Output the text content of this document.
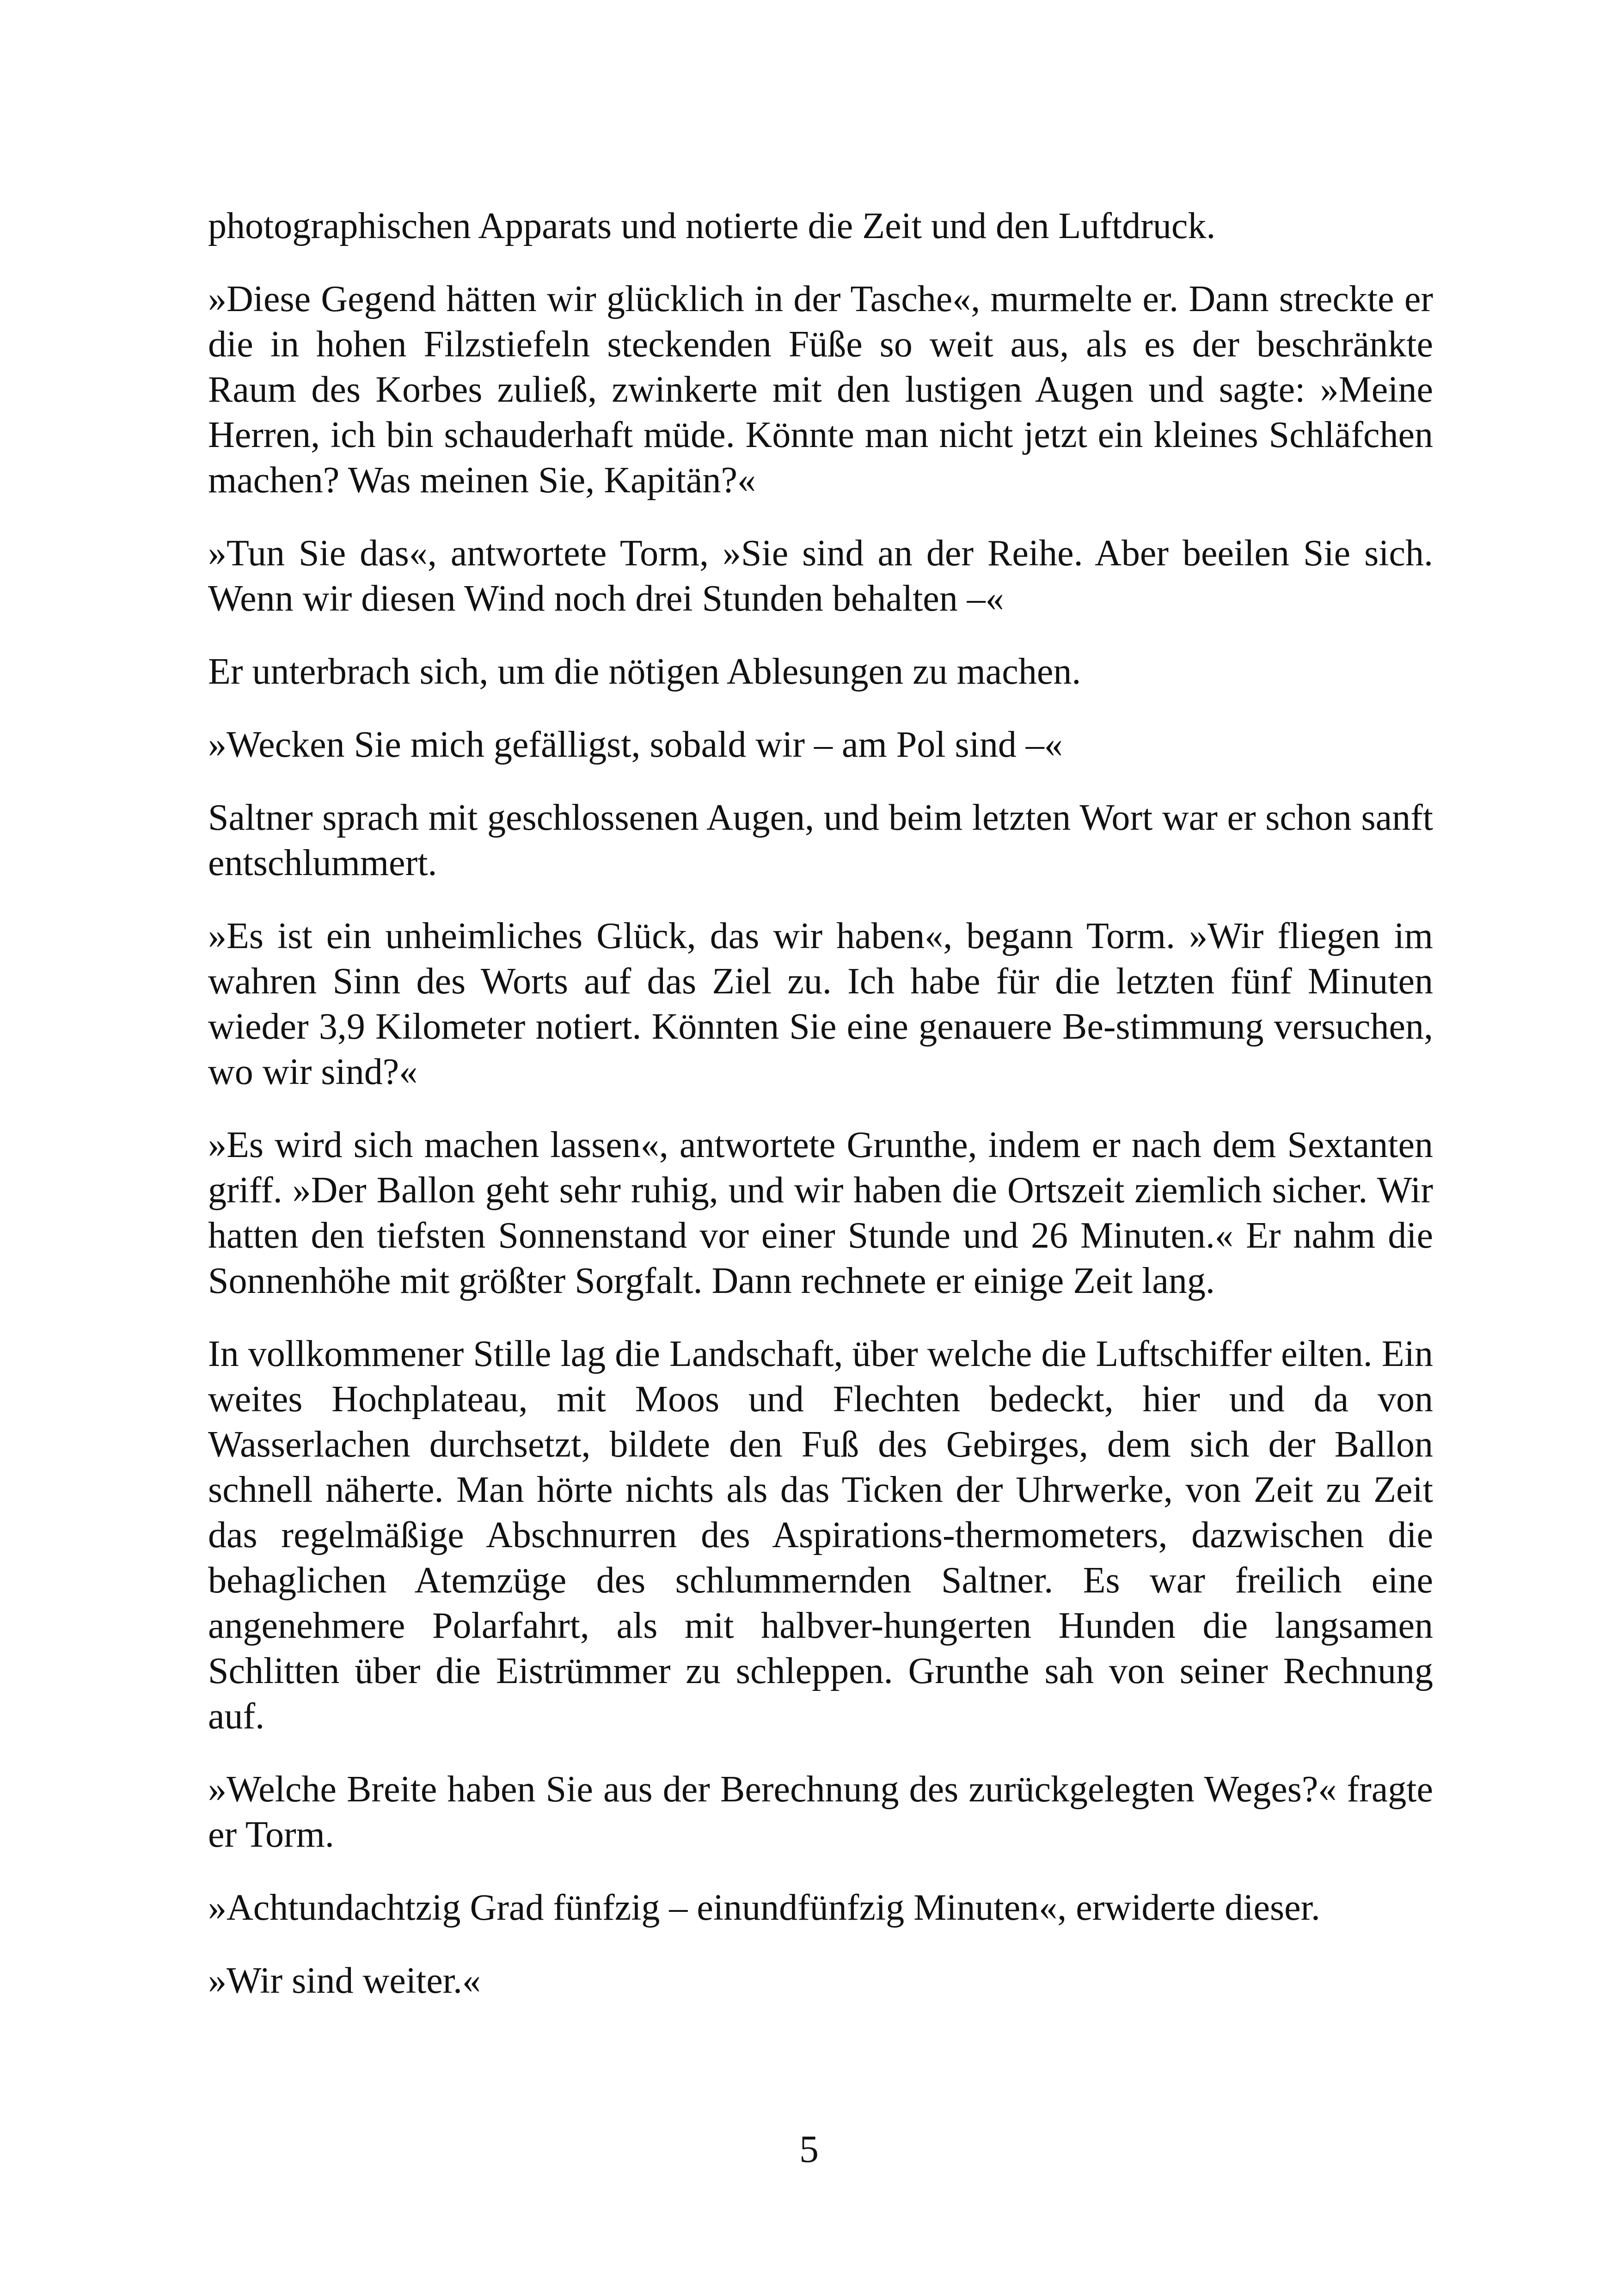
photographischen Apparats und notierte die Zeit und den Luftdruck.

»Diese Gegend hätten wir glücklich in der Tasche«, murmelte er. Dann streckte er die in hohen Filzstiefeln steckenden Füße so weit aus, als es der beschränkte Raum des Korbes zuließ, zwinkerte mit den lustigen Augen und sagte: »Meine Herren, ich bin schauderhaft müde. Könnte man nicht jetzt ein kleines Schläfchen machen? Was meinen Sie, Kapitän?«

»Tun Sie das«, antwortete Torm, »Sie sind an der Reihe. Aber beeilen Sie sich. Wenn wir diesen Wind noch drei Stunden behalten –«

Er unterbrach sich, um die nötigen Ablesungen zu machen.

»Wecken Sie mich gefälligst, sobald wir – am Pol sind –«

Saltner sprach mit geschlossenen Augen, und beim letzten Wort war er schon sanft entschlummert.

»Es ist ein unheimliches Glück, das wir haben«, begann Torm. »Wir fliegen im wahren Sinn des Worts auf das Ziel zu. Ich habe für die letzten fünf Minuten wieder 3,9 Kilometer notiert. Könnten Sie eine genauere Be-stimmung versuchen, wo wir sind?«

»Es wird sich machen lassen«, antwortete Grunthe, indem er nach dem Sextanten griff. »Der Ballon geht sehr ruhig, und wir haben die Ortszeit ziemlich sicher. Wir hatten den tiefsten Sonnenstand vor einer Stunde und 26 Minuten.« Er nahm die Sonnenhöhe mit größter Sorgfalt. Dann rechnete er einige Zeit lang.

In vollkommener Stille lag die Landschaft, über welche die Luftschiffer eilten. Ein weites Hochplateau, mit Moos und Flechten bedeckt, hier und da von Wasserlachen durchsetzt, bildete den Fuß des Gebirges, dem sich der Ballon schnell näherte. Man hörte nichts als das Ticken der Uhrwerke, von Zeit zu Zeit das regelmäßige Abschnurren des Aspirations-thermometers, dazwischen die behaglichen Atemzüge des schlummernden Saltner. Es war freilich eine angenehmere Polarfahrt, als mit halbver-hungerten Hunden die langsamen Schlitten über die Eistrümmer zu schleppen. Grunthe sah von seiner Rechnung auf.

»Welche Breite haben Sie aus der Berechnung des zurückgelegten Weges?« fragte er Torm.

»Achtundachtzig Grad fünfzig – einundfünfzig Minuten«, erwiderte dieser.

»Wir sind weiter.«

5
